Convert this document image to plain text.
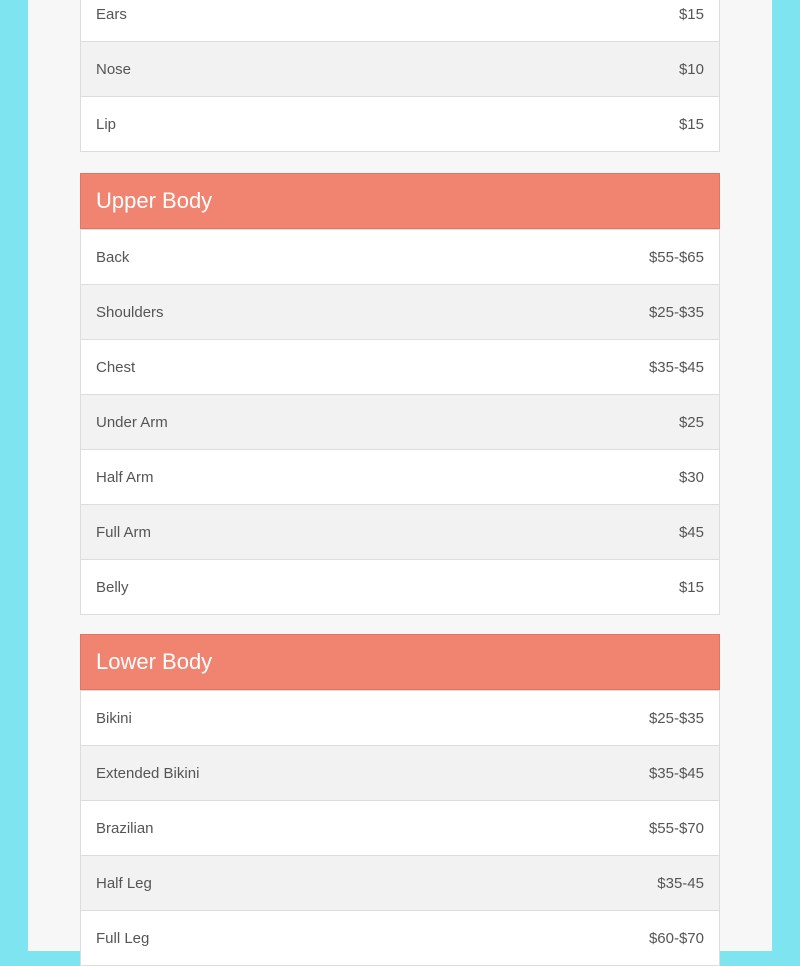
Ears	$15
Nose	$10
Lip	$15
Upper Body
Back	$55-$65
Shoulders	$25-$35
Chest	$35-$45
Under Arm	$25
Half Arm	$30
Full Arm	$45
Belly	$15
Lower Body
Bikini	$25-$35
Extended Bikini	$35-$45
Brazilian	$55-$70
Half Leg	$35-45
Full Leg	$60-$70
